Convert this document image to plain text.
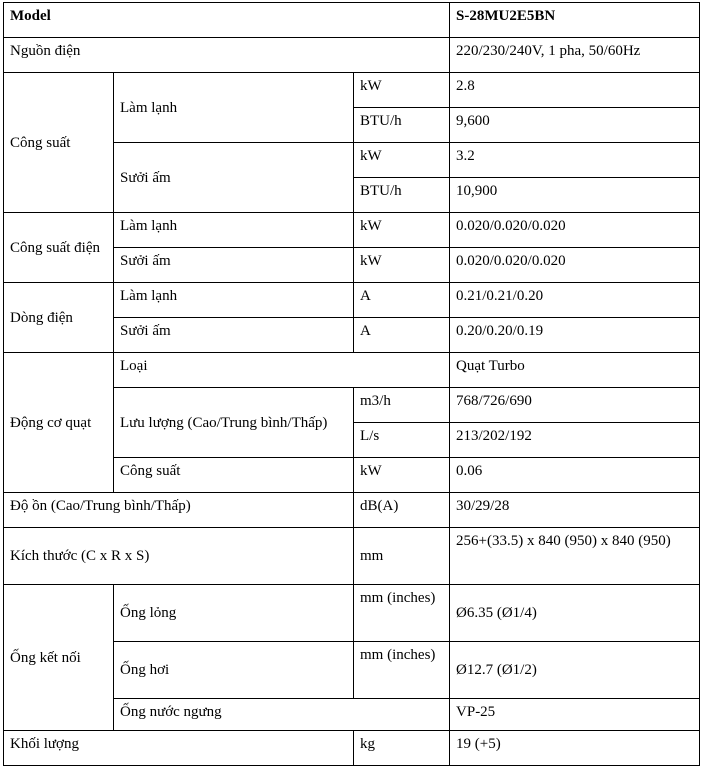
Model			S-28MU2E5BN
Nguồn điện			220/230/240V, 1 pha, 50/60Hz
Công suất	Làm lạnh	kW	2.8
		BTU/h	9,600
	Sưởi ấm	kW	3.2
		BTU/h	10,900
Công suất điện	Làm lạnh	kW	0.020/0.020/0.020
	Sưởi ấm	kW	0.020/0.020/0.020
Dòng điện	Làm lạnh	A	0.21/0.21/0.20
	Sưởi ấm	A	0.20/0.20/0.19
Động cơ quạt	Loại		Quạt Turbo
	Lưu lượng (Cao/Trung bình/Thấp)	m3/h	768/726/690
		L/s	213/202/192
	Công suất	kW	0.06
Độ ồn (Cao/Trung bình/Thấp)		dB(A)	30/29/28
Kích thước (C x R x S)		mm	256+(33.5) x 840 (950) x 840 (950)
Ống kết nối	Ống lỏng	mm (inches)	Ø6.35 (Ø1/4)
	Ống hơi	mm (inches)	Ø12.7 (Ø1/2)
	Ống nước ngưng		VP-25
Khối lượng		kg	19 (+5)
